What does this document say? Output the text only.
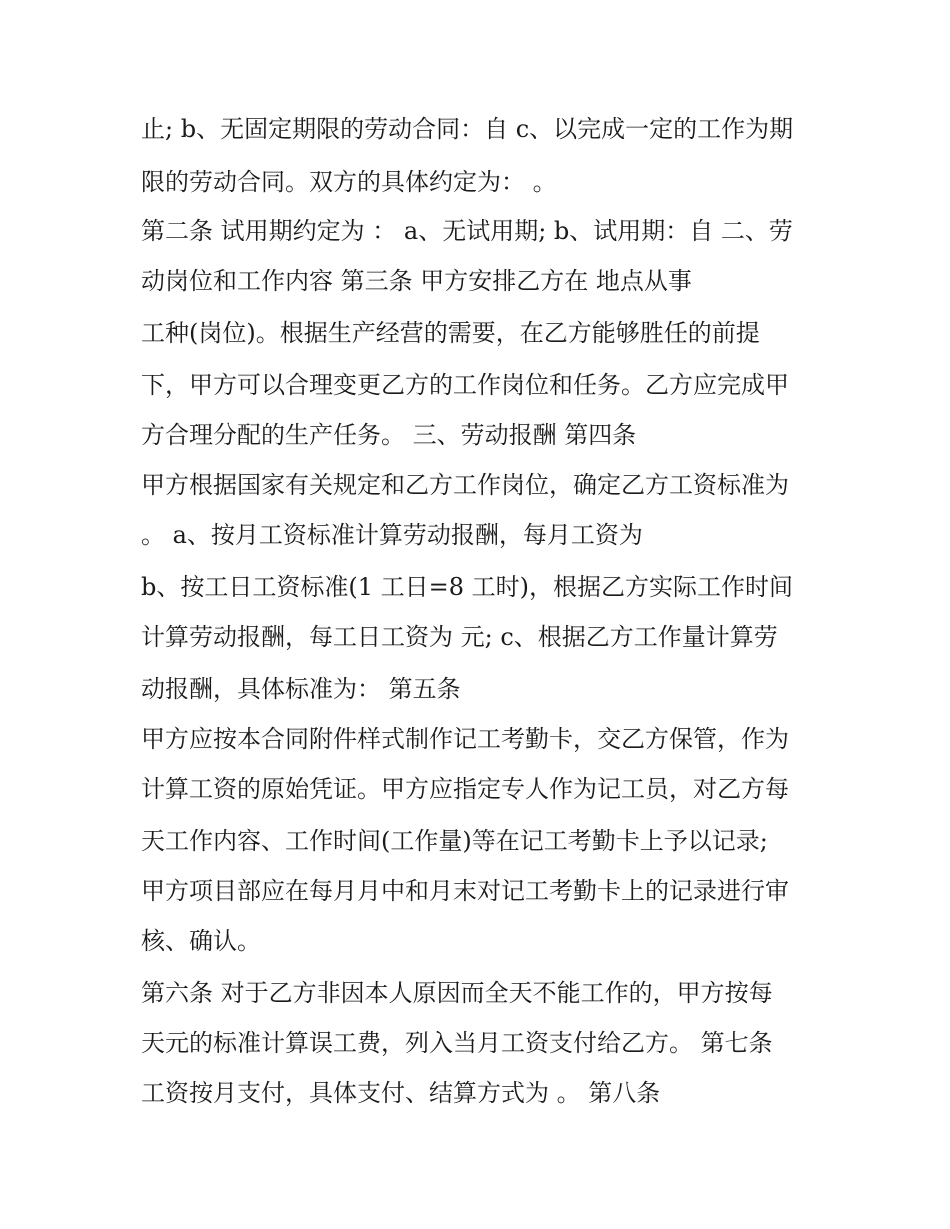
止; b、无固定期限的劳动合同：自 c、以完成一定的工作为期
限的劳动合同。双方的具体约定为： 。
第二条 试用期约定为 ： a、无试用期; b、试用期：自 二、劳
动岗位和工作内容 第三条 甲方安排乙方在 地点从事
工种(岗位)。根据生产经营的需要，在乙方能够胜任的前提
下，甲方可以合理变更乙方的工作岗位和任务。乙方应完成甲
方合理分配的生产任务。 三、劳动报酬 第四条
甲方根据国家有关规定和乙方工作岗位，确定乙方工资标准为
。 a、按月工资标准计算劳动报酬，每月工资为
b、按工日工资标准(1 工日=8 工时)，根据乙方实际工作时间
计算劳动报酬，每工日工资为 元; c、根据乙方工作量计算劳
动报酬，具体标准为： 第五条
甲方应按本合同附件样式制作记工考勤卡，交乙方保管，作为
计算工资的原始凭证。甲方应指定专人作为记工员，对乙方每
天工作内容、工作时间(工作量)等在记工考勤卡上予以记录;
甲方项目部应在每月月中和月末对记工考勤卡上的记录进行审
核、确认。
第六条 对于乙方非因本人原因而全天不能工作的，甲方按每
天元的标准计算误工费，列入当月工资支付给乙方。 第七条
工资按月支付，具体支付、结算方式为 。 第八条
